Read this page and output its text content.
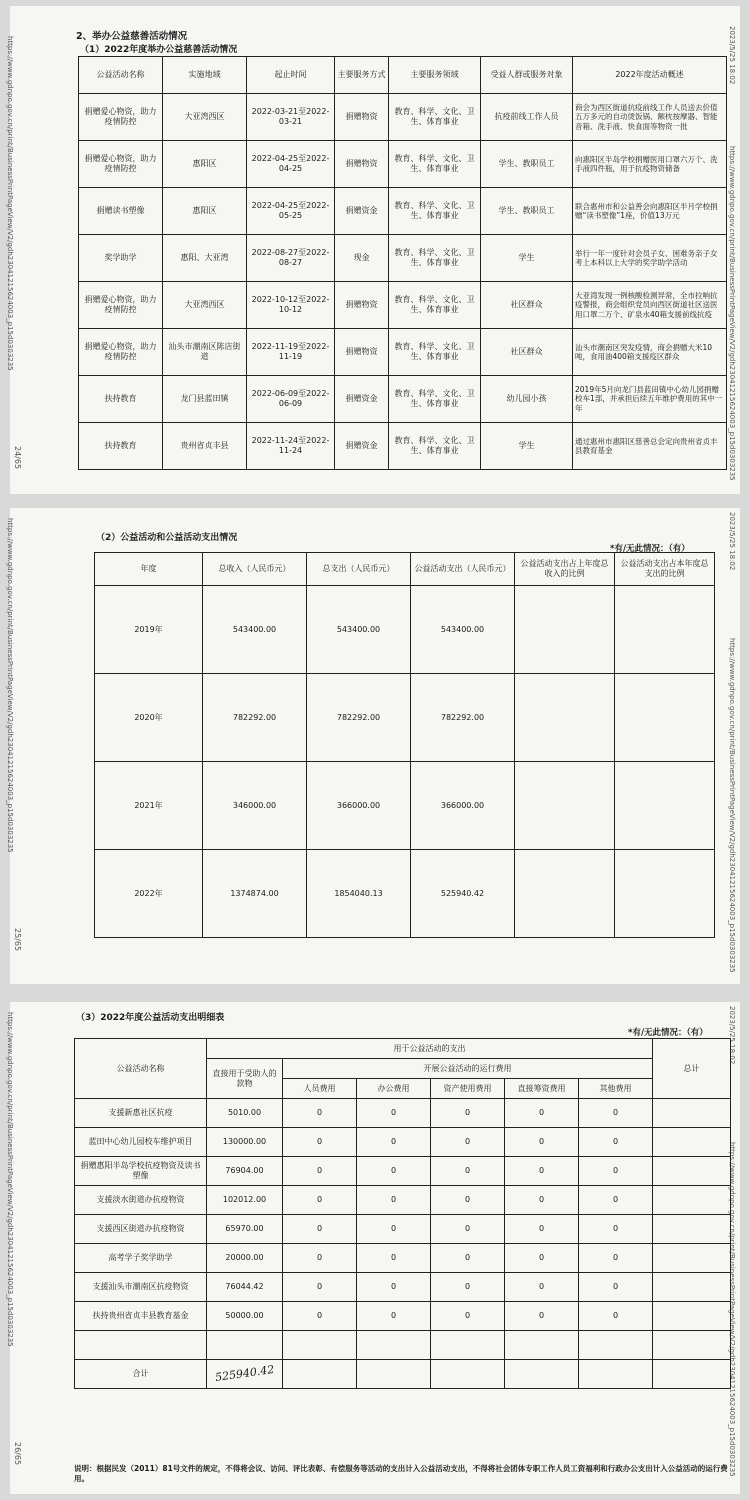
https://www.gdnpo.gov.cn/print/BusinessPrintPageView/V2/gdh23041215624003_p15d0303235	2023/5/25 18:02
https://www.gdnpo.gov.cn/print/BusinessPrintPageView/V2/gdh23041215624003_p15d0303235
24/65
2、举办公益慈善活动情况
（1）2022年度举办公益慈善活动情况
公益活动名称	实施地域	起止时间	主要服务方式	主要服务领域	受益人群或服务对象	2022年度活动概述
捐赠爱心物资，助力疫情防控	大亚湾西区	2022-03-21至2022-03-21	捐赠物资	教育、科学、文化、卫生、体育事业	抗疫前线工作人员	商会为西区街道抗疫前线工作人员送去价值五万多元的自动烫饭锅、额枕按摩器、智能音箱、洗手液、快食面等物资一批
捐赠爱心物资，助力疫情防控	惠阳区	2022-04-25至2022-04-25	捐赠物资	教育、科学、文化、卫生、体育事业	学生、教职员工	向惠阳区半岛学校捐赠医用口罩六万个、洗手液四件瓶，用于抗疫物资储备
捐赠读书塑像	惠阳区	2022-04-25至2022-05-25	捐赠资金	教育、科学、文化、卫生、体育事业	学生、教职员工	联合惠州市和公益善会向惠阳区半月学校捐赠“读书塑像”1座，价值13万元
奖学助学	惠阳、大亚湾	2022-08-27至2022-08-27	现金	教育、科学、文化、卫生、体育事业	学生	举行一年一度针对会员子女、困难务亲子女考上本科以上大学的奖学助学活动
捐赠爱心物资，助力疫情防控	大亚湾西区	2022-10-12至2022-10-12	捐赠物资	教育、科学、文化、卫生、体育事业	社区群众	大亚湾发现一例核酸检测异常，全市拉响抗疫警报，商会组织党员向西区街道社区送医用口罩二万个、矿泉水40箱支援前线抗疫
捐赠爱心物资，助力疫情防控	汕头市潮南区陈店街道	2022-11-19至2022-11-19	捐赠物资	教育、科学、文化、卫生、体育事业	社区群众	汕头市潮南区突发疫情，商会捐赠大米10吨，食用油400箱支援疫区群众
扶持教育	龙门县蓝田镇	2022-06-09至2022-06-09	捐赠资金	教育、科学、文化、卫生、体育事业	幼儿园小孩	2019年5月向龙门县蓝田镇中心幼儿园捐赠校车1部，并承担后续五年维护费用的其中一年
扶持教育	贵州省贞丰县	2022-11-24至2022-11-24	捐赠资金	教育、科学、文化、卫生、体育事业	学生	通过惠州市惠阳区慈善总会定向贵州省贞丰县教育基金
https://www.gdnpo.gov.cn/print/BusinessPrintPageView/V2/gdh23041215624003_p15d0303235	2023/5/25 18:02
https://www.gdnpo.gov.cn/print/BusinessPrintPageView/V2/gdh23041215624003_p15d0303235
25/65
（2）公益活动和公益活动支出情况
*有/无此情况：（有）
年度	总收入（人民币元）	总支出（人民币元）	公益活动支出（人民币元）	公益活动支出占上年度总收入的比例	公益活动支出占本年度总支出的比例
2019年	543400.00	543400.00	543400.00		
2020年	782292.00	782292.00	782292.00		
2021年	346000.00	366000.00	366000.00		
2022年	1374874.00	1854040.13	525940.42		
https://www.gdnpo.gov.cn/print/BusinessPrintPageView/V2/gdh23041215624003_p15d0303235	2023/5/25 18:02
https://www.gdnpo.gov.cn/print/BusinessPrintPageView/V2/gdh23041215624003_p15d0303235
26/65
（3）2022年度公益活动支出明细表
*有/无此情况：（有）
公益活动名称	用于公益活动的支出						总计
	直接用于受助人的款物	开展公益活动的运行费用					
		人员费用	办公费用	资产使用费用	直接筹资费用	其他费用	
支援新惠社区抗疫	5010.00	0	0	0	0	0	
蓝田中心幼儿园校车维护项目	130000.00	0	0	0	0	0	
捐赠惠阳半岛学校抗疫物资及读书塑像	76904.00	0	0	0	0	0	
支援淡水街道办抗疫物资	102012.00	0	0	0	0	0	
支援西区街道办抗疫物资	65970.00	0	0	0	0	0	
高考学子奖学助学	20000.00	0	0	0	0	0	
支援汕头市潮南区抗疫物资	76044.42	0	0	0	0	0	
扶持贵州省贞丰县教育基金	50000.00	0	0	0	0	0	

合计	525940.42						
说明：根据民发（2011）81号文件的规定，不得将会议、访问、评比表彰、有偿服务等活动的支出计入公益活动支出，不得将社会团体专职工作人员工资福利和行政办公支出计入公益活动的运行费用。
